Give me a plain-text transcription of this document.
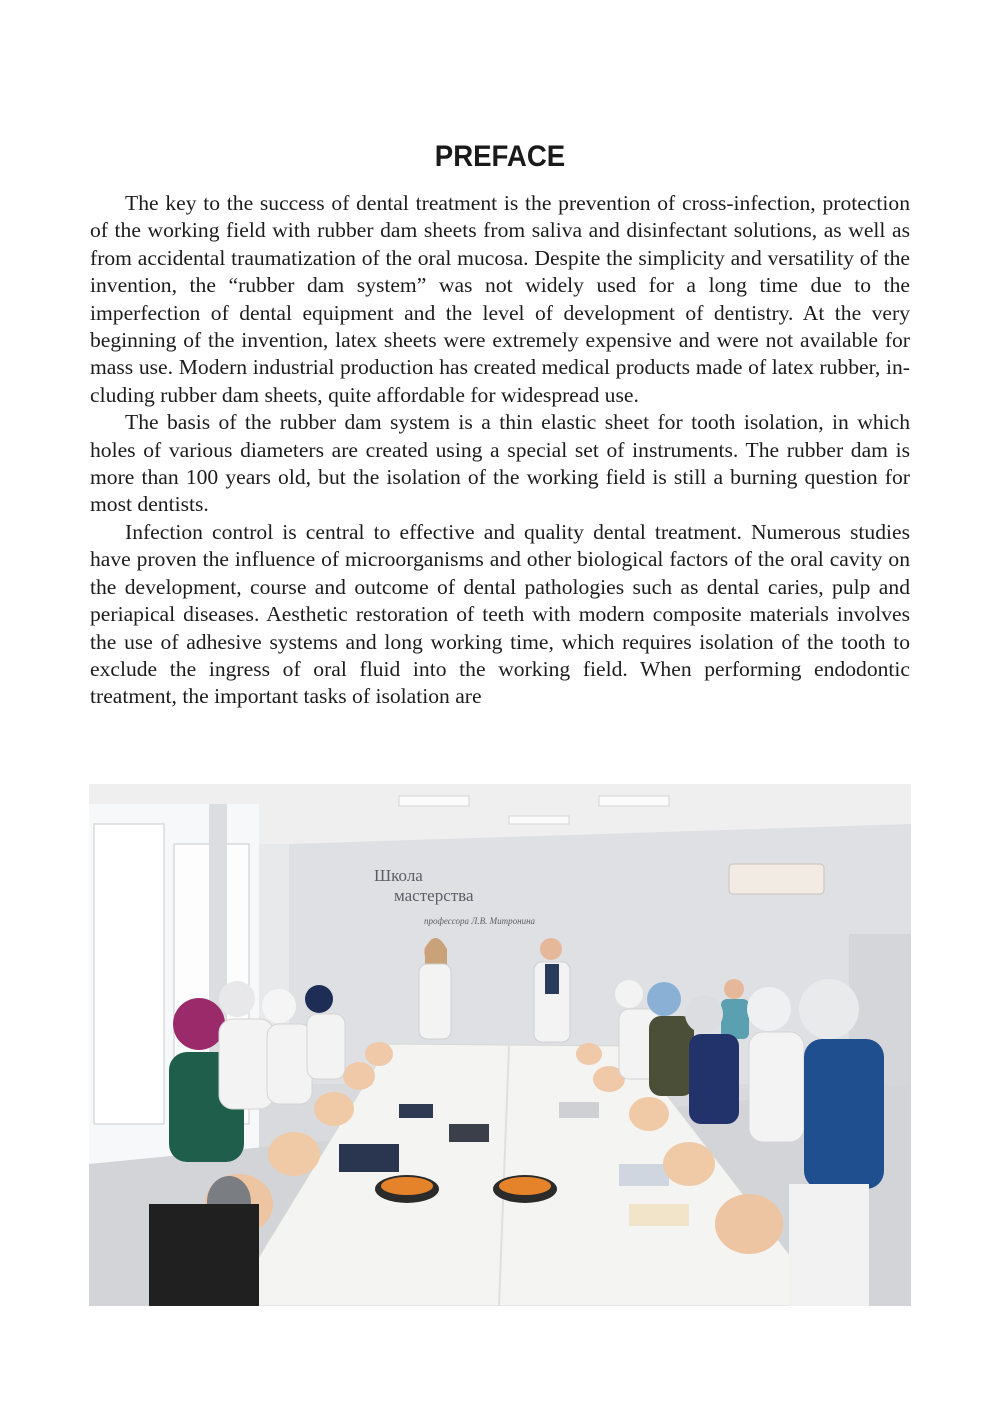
PREFACE

The key to the success of dental treatment is the prevention of cross-infection, protection of the working field with rubber dam sheets from saliva and disinfectant solutions, as well as from accidental traumatization of the oral mucosa. Despite the simplicity and versatility of the invention, the “rubber dam system” was not widely used for a long time due to the imperfection of dental equipment and the level of development of dentistry. At the very beginning of the invention, latex sheets were extremely expensive and were not available for mass use. Modern industrial production has created medical products made of latex rubber, including rubber dam sheets, quite affordable for widespread use.

The basis of the rubber dam system is a thin elastic sheet for tooth isolation, in which holes of various diameters are created using a special set of instruments. The rubber dam is more than 100 years old, but the isolation of the working field is still a burning question for most dentists.

Infection control is central to effective and quality dental treatment. Numerous studies have proven the influence of microorganisms and other biological factors of the oral cavity on the development, course and outcome of dental pathologies such as dental caries, pulp and periapical diseases. Aesthetic restoration of teeth with modern composite materials involves the use of adhesive systems and long working time, which requires isolation of the tooth to exclude the ingress of oral fluid into the working field. When performing endodontic treatment, the important tasks of isolation are

Школа
мастерства
профессора Л.В. Митронина
